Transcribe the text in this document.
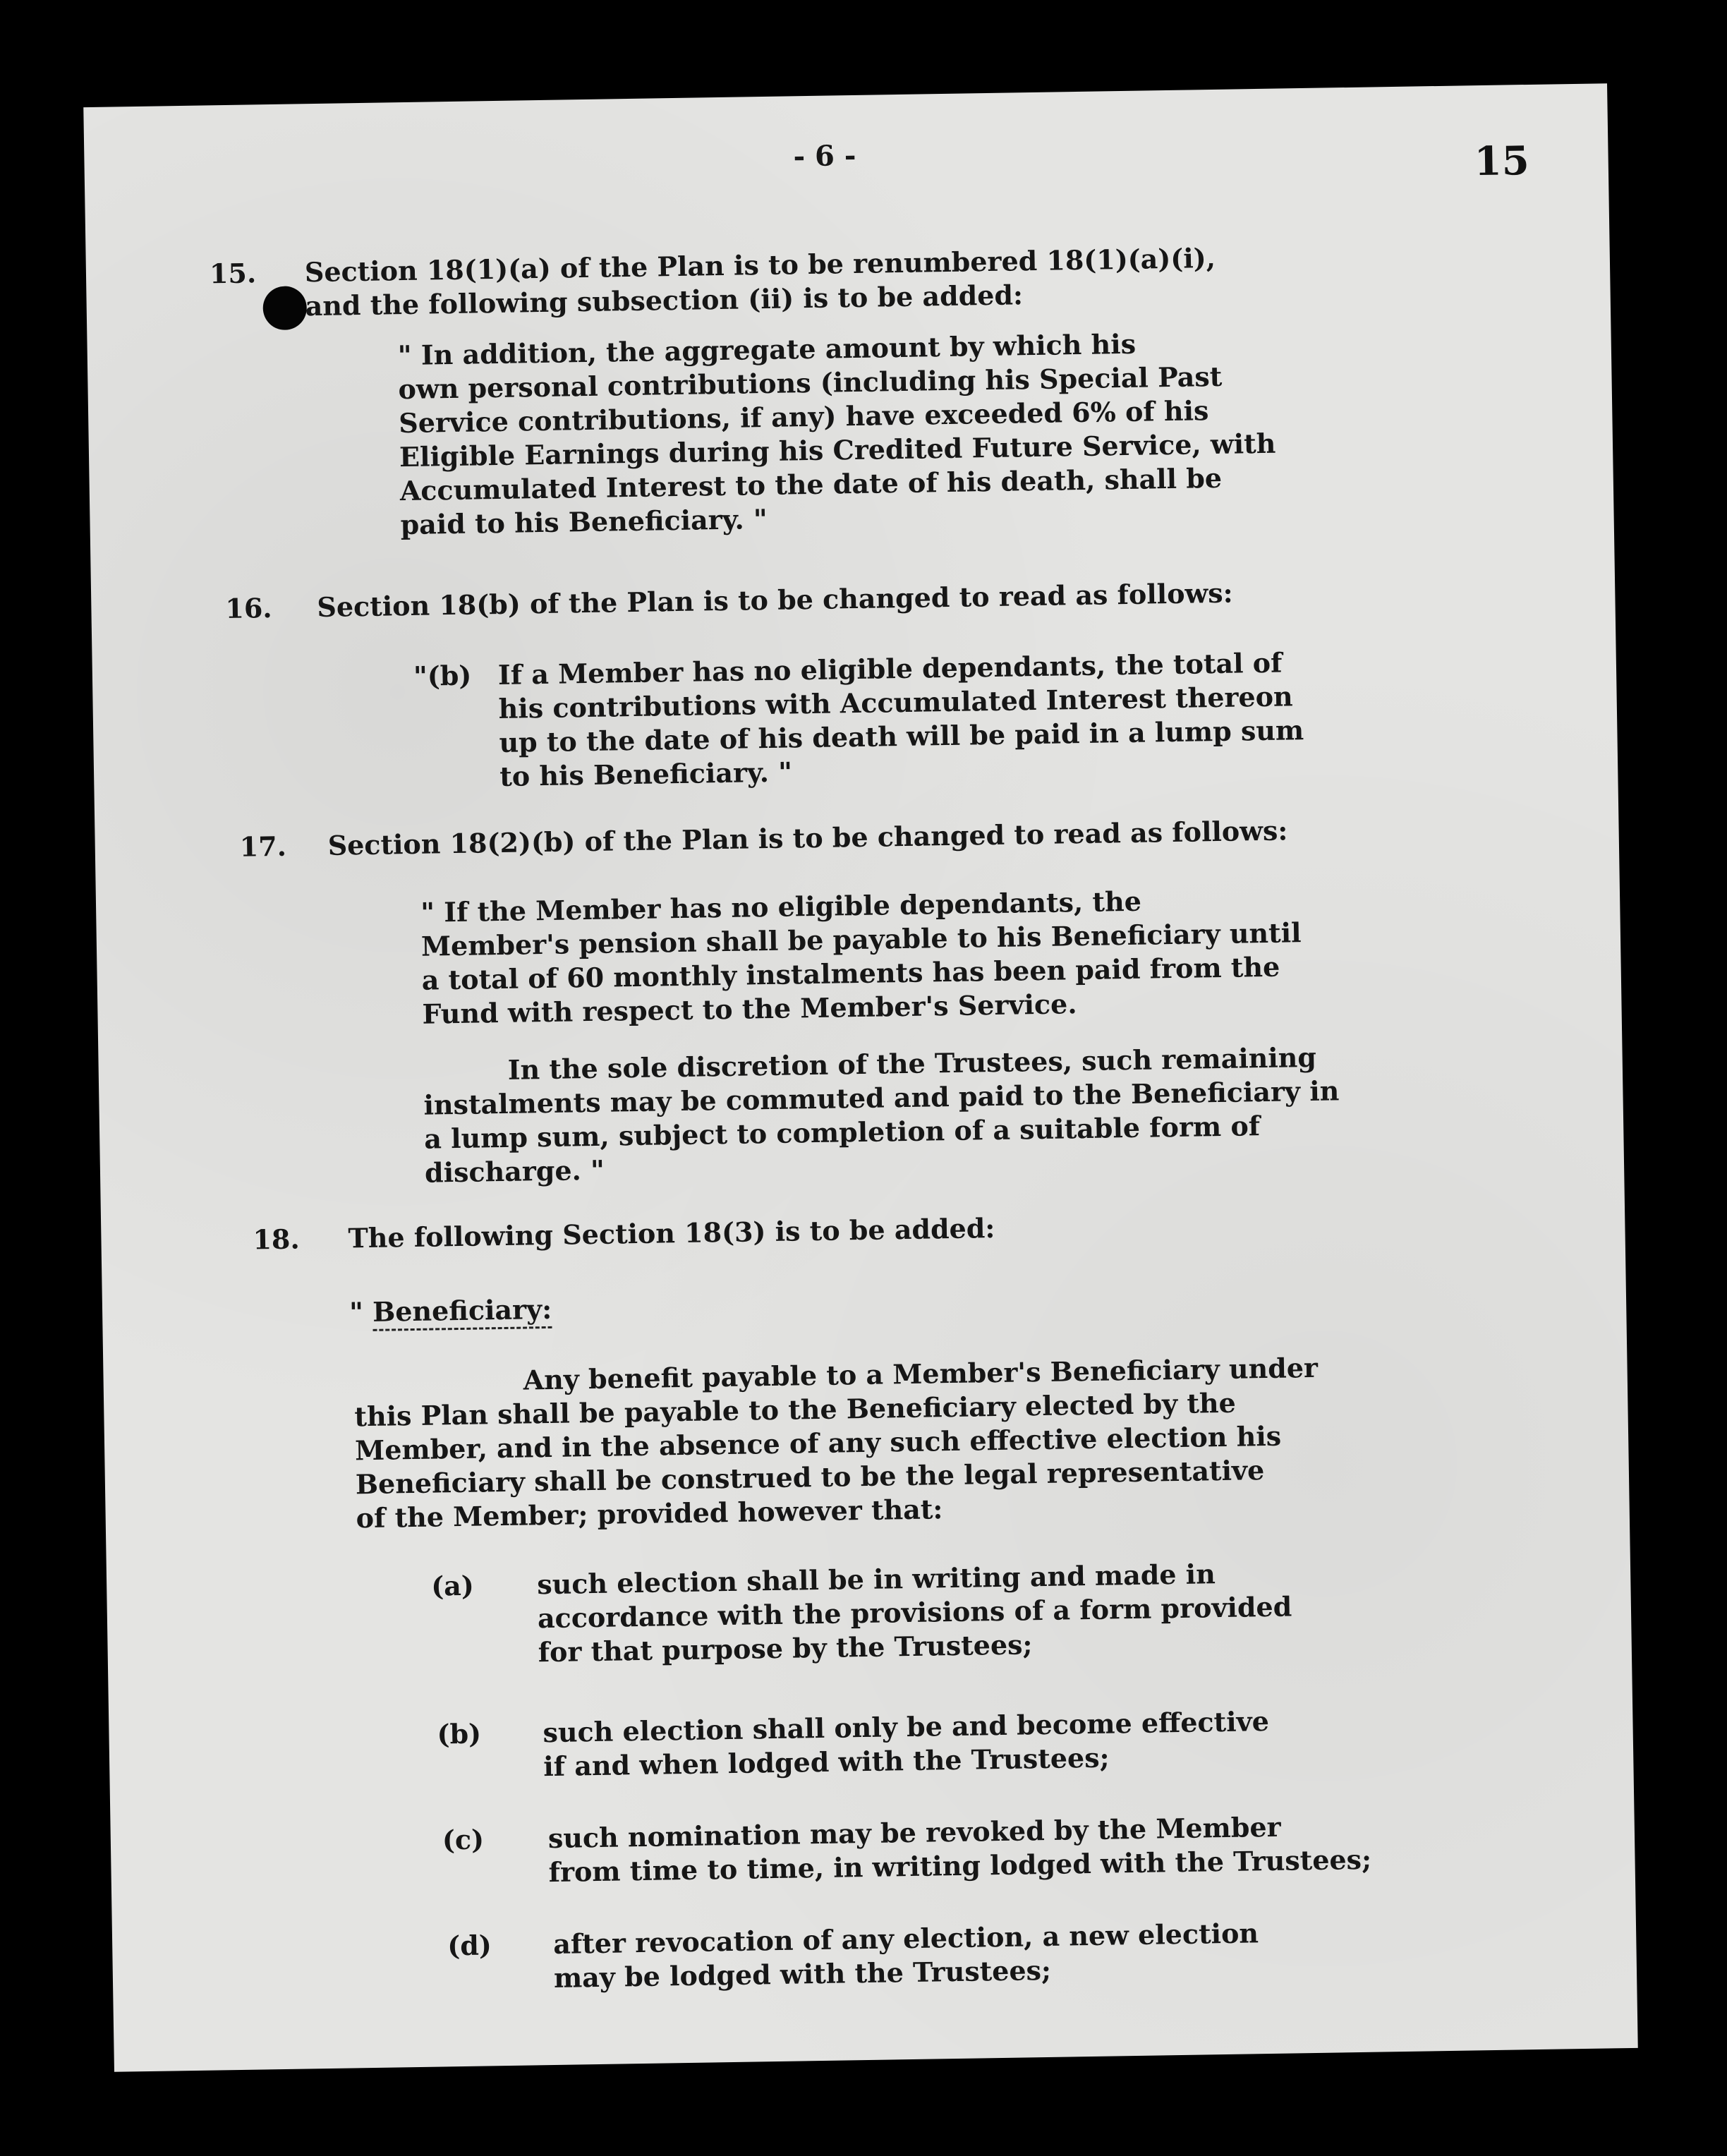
- 6 -	15
15. Section 18(1)(a) of the Plan is to be renumbered 18(1)(a)(i),
and the following subsection (ii) is to be added:
" In addition, the aggregate amount by which his
own personal contributions (including his Special Past
Service contributions, if any) have exceeded 6% of his
Eligible Earnings during his Credited Future Service, with
Accumulated Interest to the date of his death, shall be
paid to his Beneficiary. "
16. Section 18(b) of the Plan is to be changed to read as follows:
"(b) If a Member has no eligible dependants, the total of
his contributions with Accumulated Interest thereon
up to the date of his death will be paid in a lump sum
to his Beneficiary. "
17. Section 18(2)(b) of the Plan is to be changed to read as follows:
" If the Member has no eligible dependants, the
Member's pension shall be payable to his Beneficiary until
a total of 60 monthly instalments has been paid from the
Fund with respect to the Member's Service.
In the sole discretion of the Trustees, such remaining
instalments may be commuted and paid to the Beneficiary in
a lump sum, subject to completion of a suitable form of
discharge. "
18. The following Section 18(3) is to be added:
" Beneficiary:
Any benefit payable to a Member's Beneficiary under
this Plan shall be payable to the Beneficiary elected by the
Member, and in the absence of any such effective election his
Beneficiary shall be construed to be the legal representative
of the Member; provided however that:
(a) such election shall be in writing and made in
accordance with the provisions of a form provided
for that purpose by the Trustees;
(b) such election shall only be and become effective
if and when lodged with the Trustees;
(c) such nomination may be revoked by the Member
from time to time, in writing lodged with the Trustees;
(d) after revocation of any election, a new election
may be lodged with the Trustees;
